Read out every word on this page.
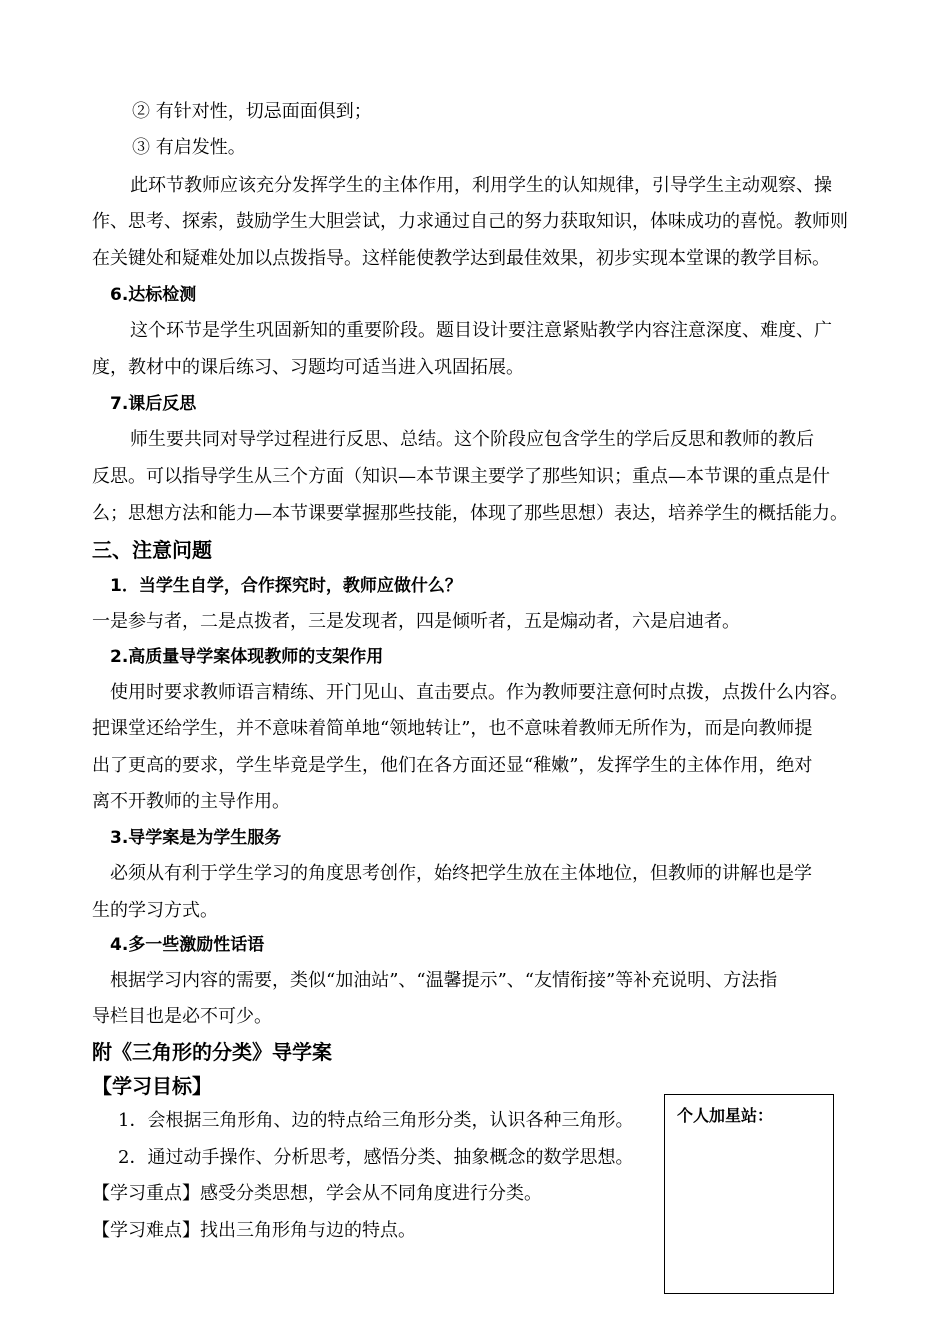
② 有针对性，切忌面面俱到；
③ 有启发性。
此环节教师应该充分发挥学生的主体作用，利用学生的认知规律，引导学生主动观察、操
作、思考、探索，鼓励学生大胆尝试，力求通过自己的努力获取知识，体味成功的喜悦。教师则
在关键处和疑难处加以点拨指导。这样能使教学达到最佳效果，初步实现本堂课的教学目标。
6.达标检测
这个环节是学生巩固新知的重要阶段。题目设计要注意紧贴教学内容注意深度、难度、广
度，教材中的课后练习、习题均可适当进入巩固拓展。
7.课后反思
师生要共同对导学过程进行反思、总结。这个阶段应包含学生的学后反思和教师的教后
反思。可以指导学生从三个方面（知识—本节课主要学了那些知识；重点—本节课的重点是什
么；思想方法和能力—本节课要掌握那些技能，体现了那些思想）表达，培养学生的概括能力。
三、注意问题
1．当学生自学，合作探究时，教师应做什么？
一是参与者，二是点拨者，三是发现者，四是倾听者，五是煽动者，六是启迪者。
2.高质量导学案体现教师的支架作用
使用时要求教师语言精练、开门见山、直击要点。作为教师要注意何时点拨，点拨什么内容。
把课堂还给学生，并不意味着简单地“领地转让”，也不意味着教师无所作为，而是向教师提
出了更高的要求，学生毕竟是学生，他们在各方面还显“稚嫩”，发挥学生的主体作用，绝对
离不开教师的主导作用。
3.导学案是为学生服务
必须从有利于学生学习的角度思考创作，始终把学生放在主体地位，但教师的讲解也是学
生的学习方式。
4.多一些激励性话语
根据学习内容的需要，类似“加油站”、“温馨提示”、“友情衔接”等补充说明、方法指
导栏目也是必不可少。
附《三角形的分类》导学案
【学习目标】
1．会根据三角形角、边的特点给三角形分类，认识各种三角形。
2．通过动手操作、分析思考，感悟分类、抽象概念的数学思想。
【学习重点】感受分类思想，学会从不同角度进行分类。
【学习难点】找出三角形角与边的特点。
个人加星站：
